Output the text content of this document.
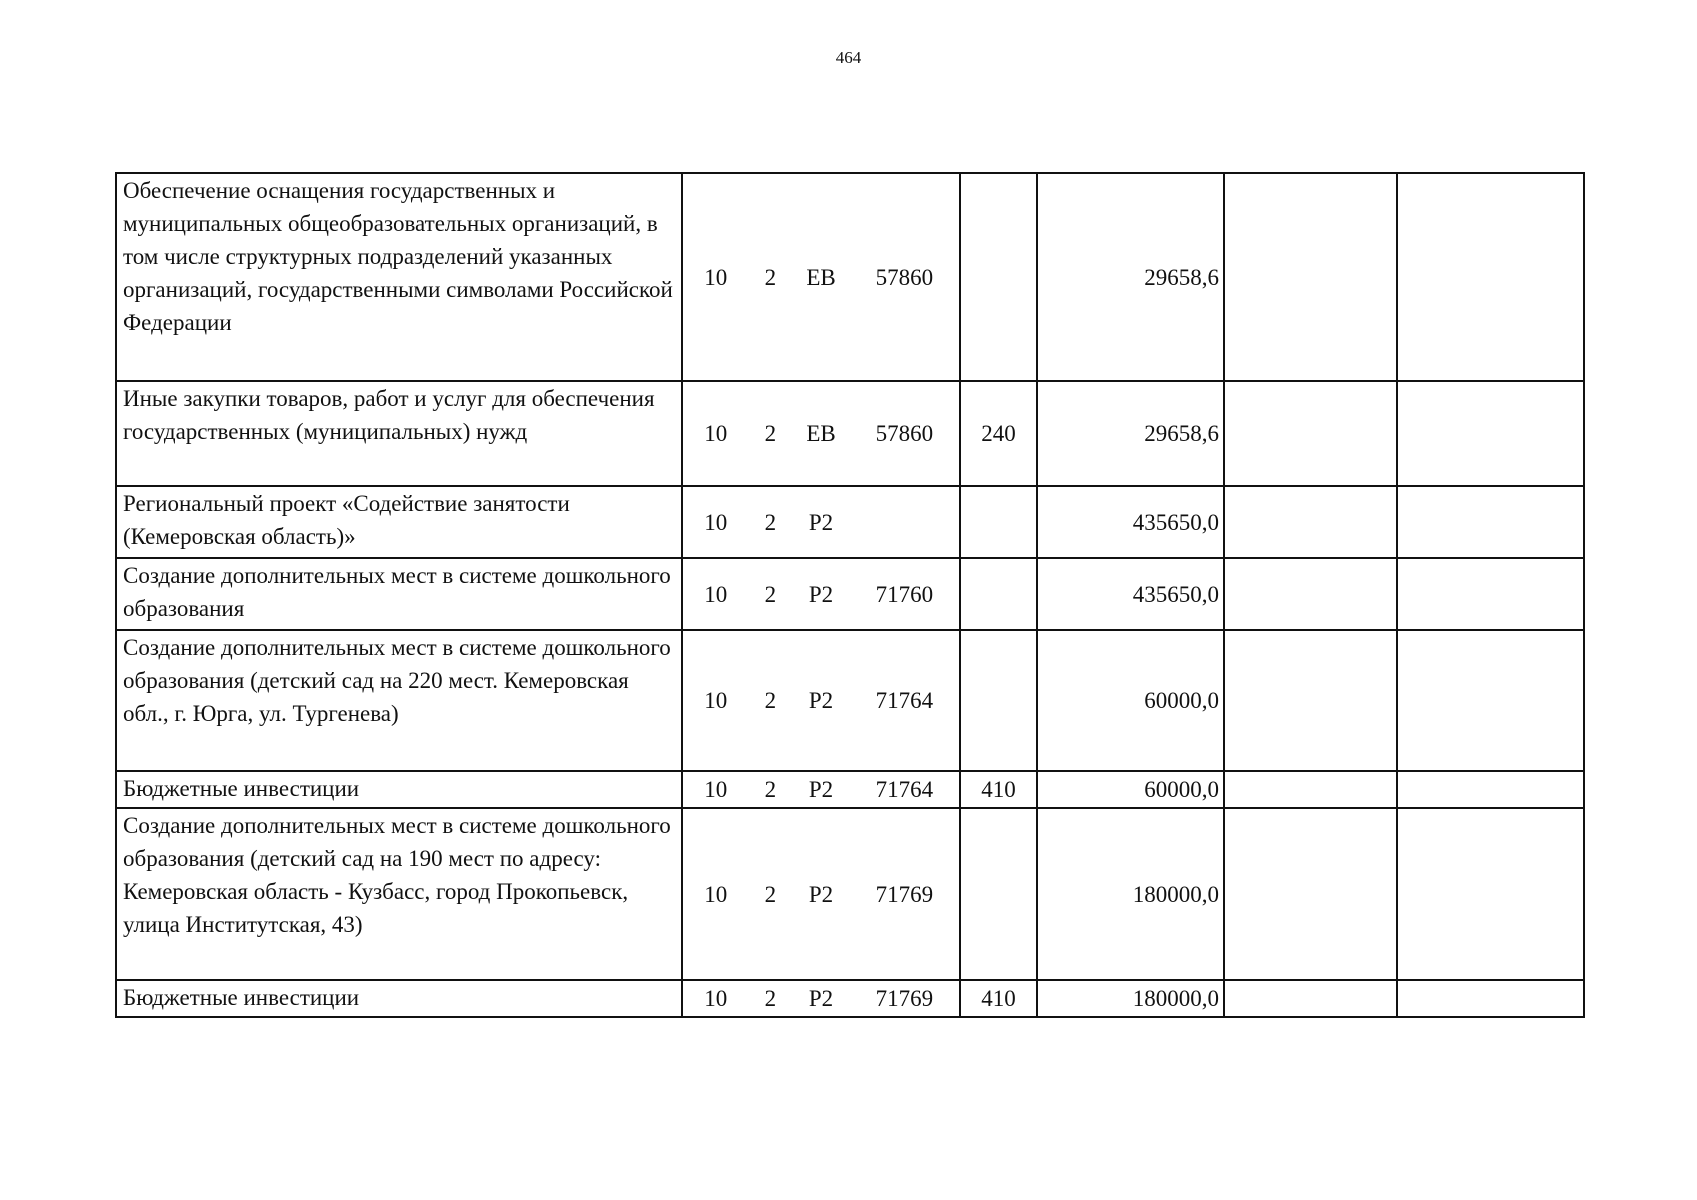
464
Обеспечение оснащения государственных и муниципальных общеобразовательных организаций, в том числе структурных подразделений указанных организаций, государственными символами Российской Федерации	10 2 EB 57860		29658,6		
Иные закупки товаров, работ и услуг для обеспечения государственных (муниципальных) нужд	10 2 EB 57860	240	29658,6		
Региональный проект «Содействие занятости (Кемеровская область)»	10 2 P2		435650,0		
Создание дополнительных мест в системе дошкольного образования	10 2 P2 71760		435650,0		
Создание дополнительных мест в системе дошкольного образования (детский сад на 220 мест. Кемеровская обл., г. Юрга, ул. Тургенева)	10 2 P2 71764		60000,0		
Бюджетные инвестиции	10 2 P2 71764	410	60000,0		
Создание дополнительных мест в системе дошкольного образования (детский сад на 190 мест по адресу: Кемеровская область - Кузбасс, город Прокопьевск, улица Институтская, 43)	10 2 P2 71769		180000,0		
Бюджетные инвестиции	10 2 P2 71769	410	180000,0		
